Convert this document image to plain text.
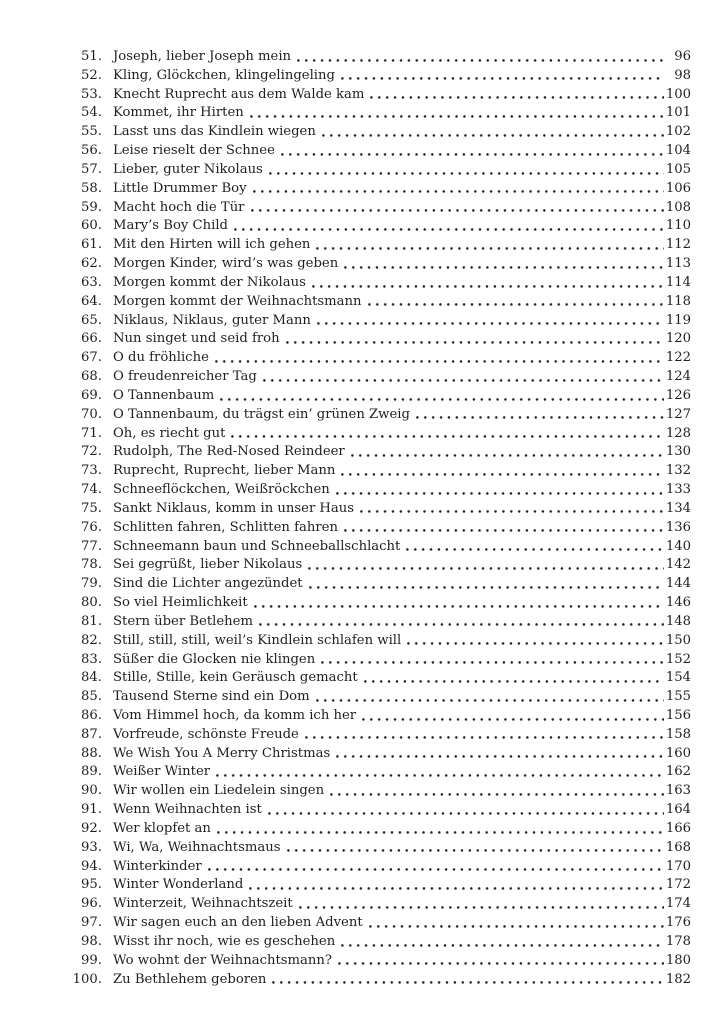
51. Joseph, lieber Joseph mein	96
52. Kling, Glöckchen, klingelingeling	98
53. Knecht Ruprecht aus dem Walde kam	100
54. Kommet, ihr Hirten	101
55. Lasst uns das Kindlein wiegen	102
56. Leise rieselt der Schnee	104
57. Lieber, guter Nikolaus	105
58. Little Drummer Boy	106
59. Macht hoch die Tür	108
60. Mary’s Boy Child	110
61. Mit den Hirten will ich gehen	112
62. Morgen Kinder, wird’s was geben	113
63. Morgen kommt der Nikolaus	114
64. Morgen kommt der Weihnachtsmann	118
65. Niklaus, Niklaus, guter Mann	119
66. Nun singet und seid froh	120
67. O du fröhliche	122
68. O freudenreicher Tag	124
69. O Tannenbaum	126
70. O Tannenbaum, du trägst ein’ grünen Zweig	127
71. Oh, es riecht gut	128
72. Rudolph, The Red-Nosed Reindeer	130
73. Ruprecht, Ruprecht, lieber Mann	132
74. Schneeflöckchen, Weißröckchen	133
75. Sankt Niklaus, komm in unser Haus	134
76. Schlitten fahren, Schlitten fahren	136
77. Schneemann baun und Schneeballschlacht	140
78. Sei gegrüßt, lieber Nikolaus	142
79. Sind die Lichter angezündet	144
80. So viel Heimlichkeit	146
81. Stern über Betlehem	148
82. Still, still, still, weil’s Kindlein schlafen will	150
83. Süßer die Glocken nie klingen	152
84. Stille, Stille, kein Geräusch gemacht	154
85. Tausend Sterne sind ein Dom	155
86. Vom Himmel hoch, da komm ich her	156
87. Vorfreude, schönste Freude	158
88. We Wish You A Merry Christmas	160
89. Weißer Winter	162
90. Wir wollen ein Liedelein singen	163
91. Wenn Weihnachten ist	164
92. Wer klopfet an	166
93. Wi, Wa, Weihnachtsmaus	168
94. Winterkinder	170
95. Winter Wonderland	172
96. Winterzeit, Weihnachtszeit	174
97. Wir sagen euch an den lieben Advent	176
98. Wisst ihr noch, wie es geschehen	178
99. Wo wohnt der Weihnachtsmann?	180
100. Zu Bethlehem geboren	182
